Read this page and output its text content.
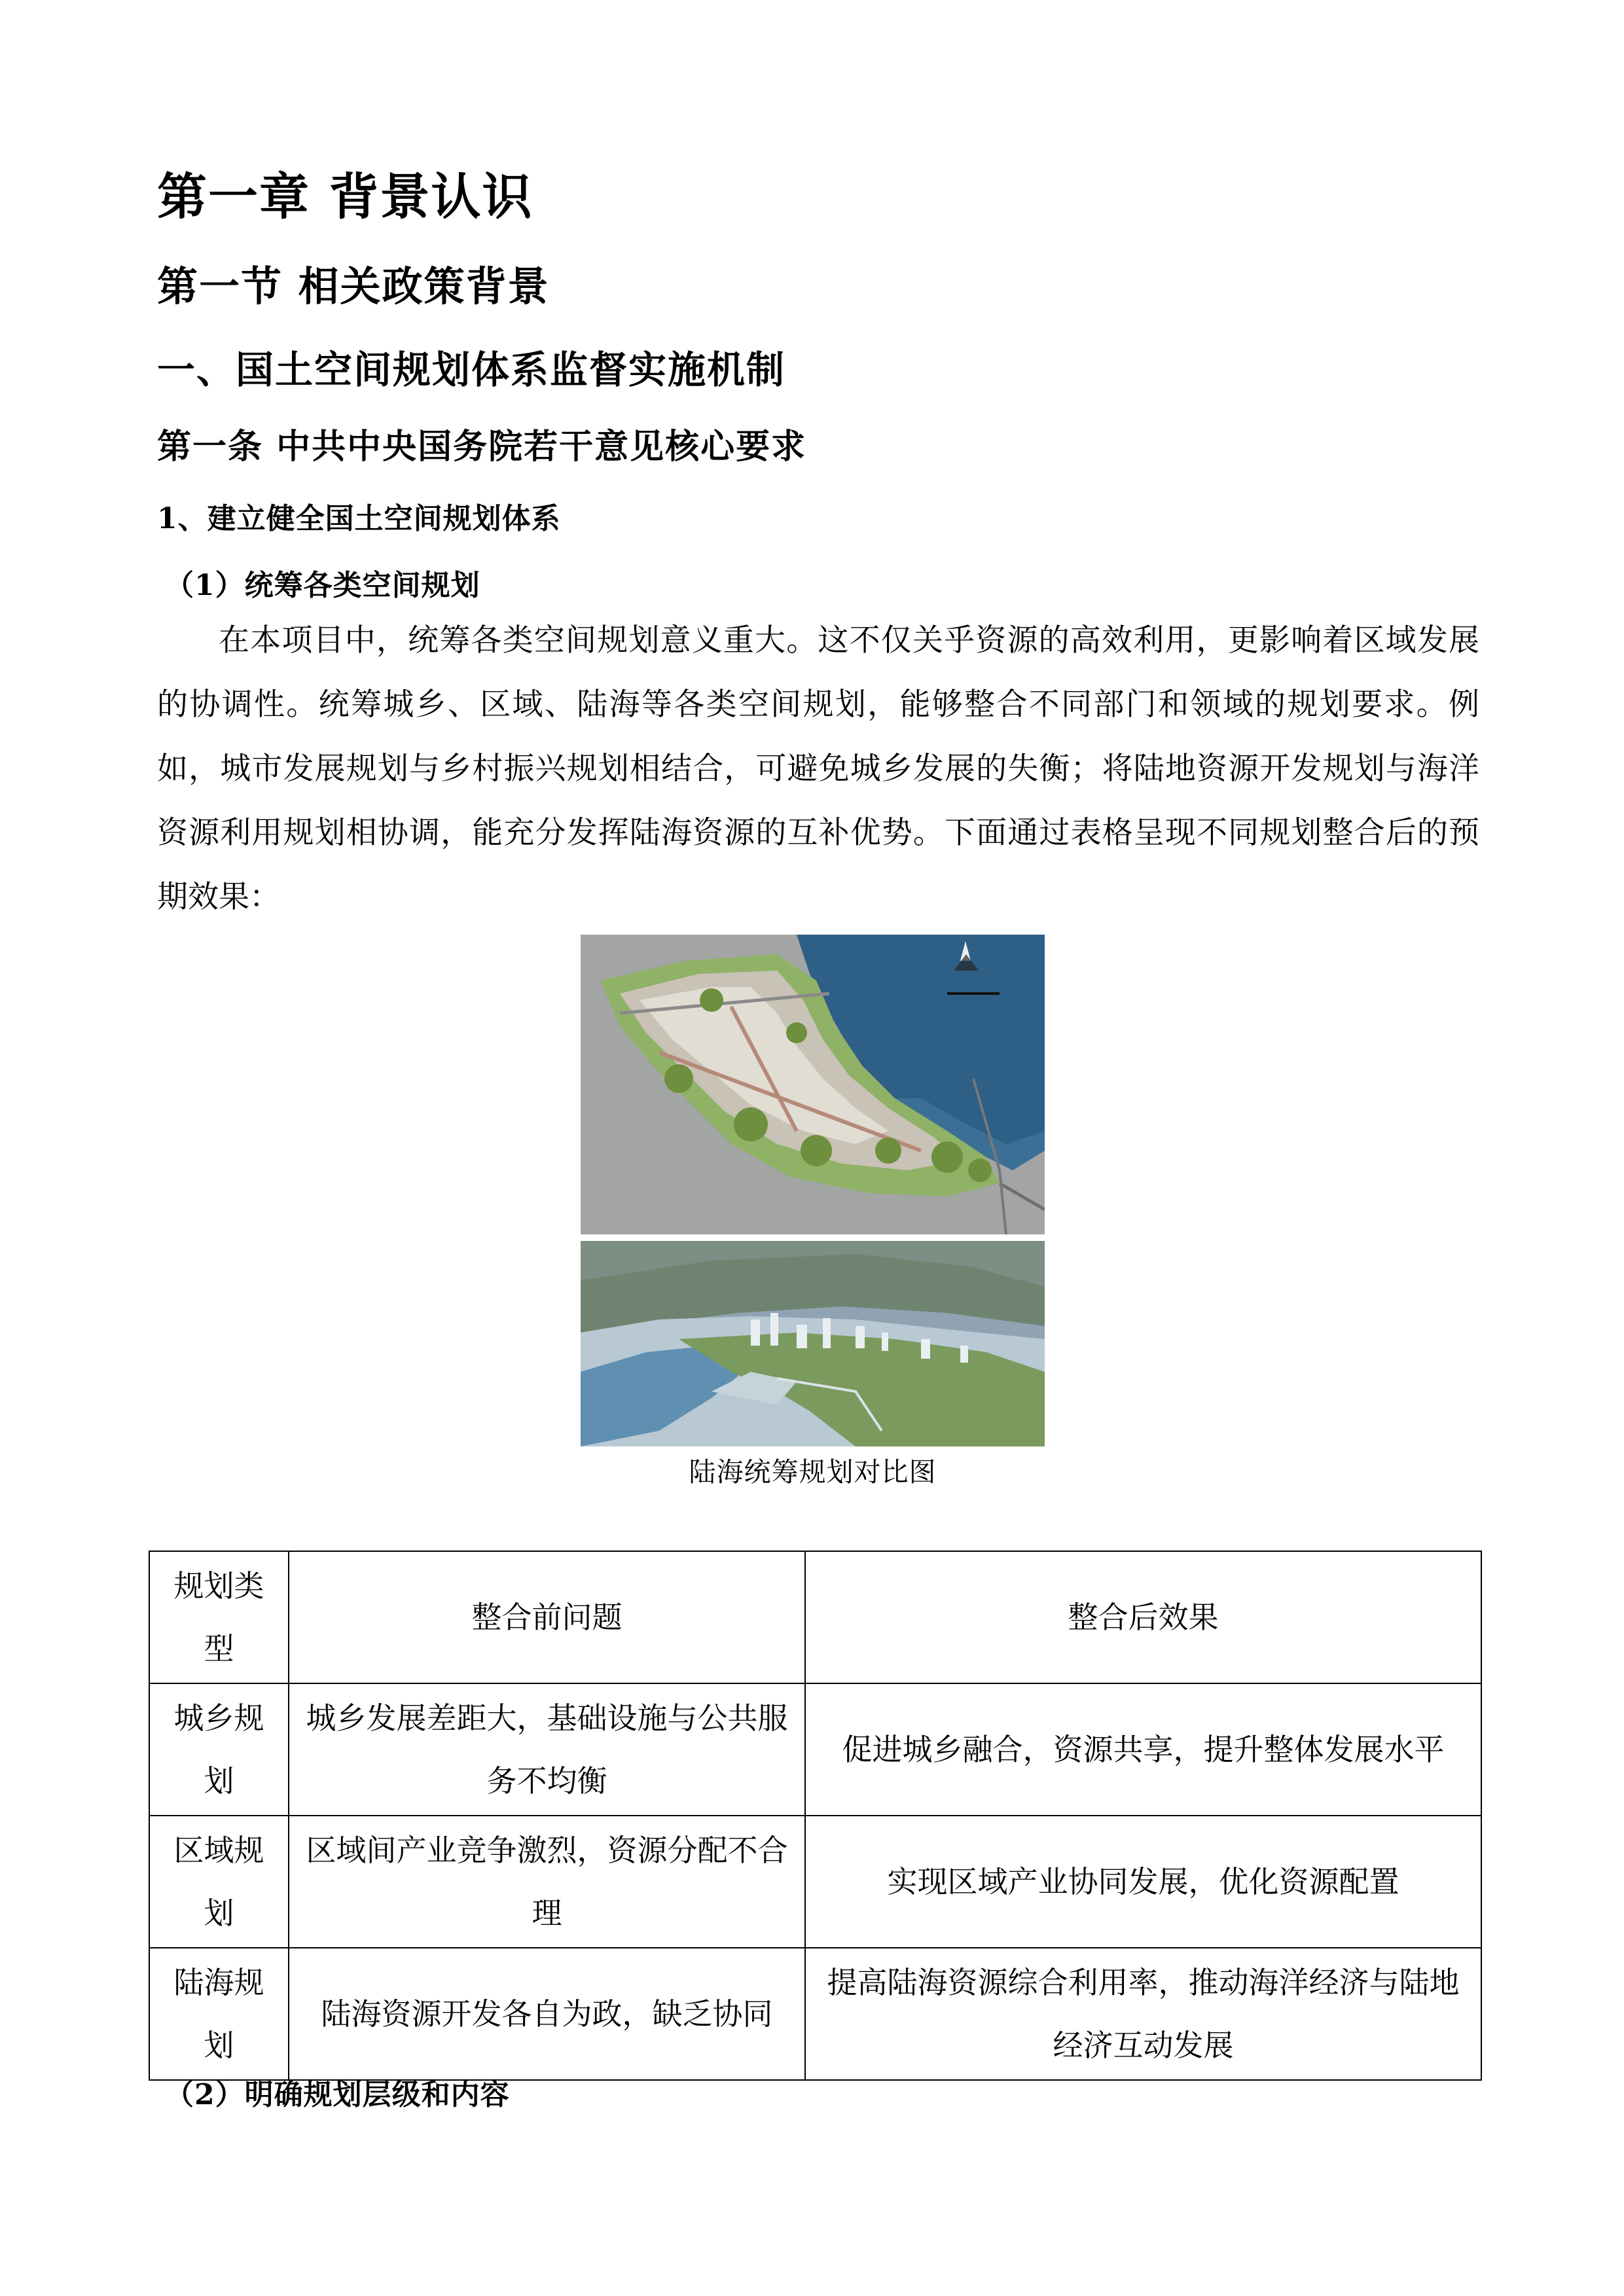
第一章 背景认识
第一节 相关政策背景
一、国土空间规划体系监督实施机制
第一条 中共中央国务院若干意见核心要求
1、建立健全国土空间规划体系
（1）统筹各类空间规划

在本项目中，统筹各类空间规划意义重大。这不仅关乎资源的高效利用，更影响着区域发展的协调性。统筹城乡、区域、陆海等各类空间规划，能够整合不同部门和领域的规划要求。例如，城市发展规划与乡村振兴规划相结合，可避免城乡发展的失衡；将陆地资源开发规划与海洋资源利用规划相协调，能充分发挥陆海资源的互补优势。下面通过表格呈现不同规划整合后的预期效果：

陆海统筹规划对比图
规划类型	整合前问题	整合后效果
城乡规划	城乡发展差距大，基础设施与公共服务不均衡	促进城乡融合，资源共享，提升整体发展水平
区域规划	区域间产业竞争激烈，资源分配不合理	实现区域产业协同发展，优化资源配置
陆海规划	陆海资源开发各自为政，缺乏协同	提高陆海资源综合利用率，推动海洋经济与陆地经济互动发展
（2）明确规划层级和内容
